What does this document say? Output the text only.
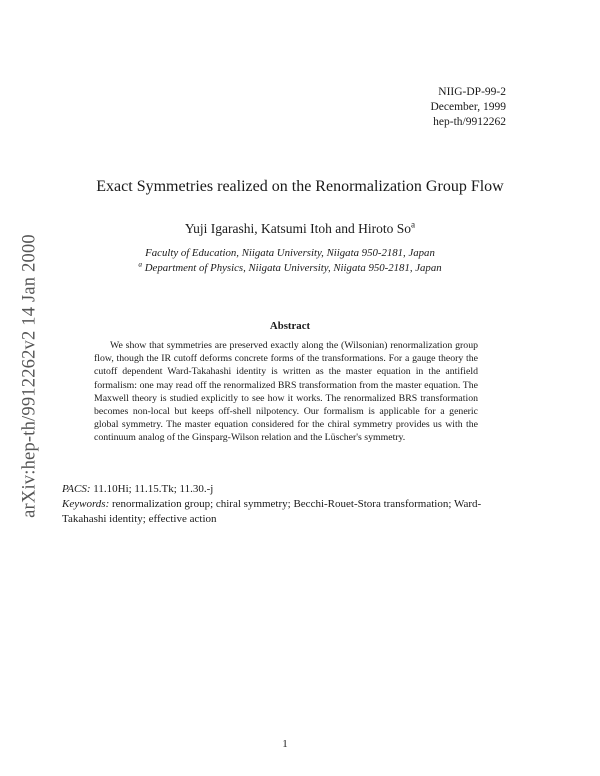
arXiv:hep-th/9912262v2 14 Jan 2000
NIIG-DP-99-2
December, 1999
hep-th/9912262
Exact Symmetries realized on the Renormalization Group Flow
Yuji Igarashi, Katsumi Itoh and Hiroto So$^a$
Faculty of Education, Niigata University, Niigata 950-2181, Japan
$^a$ Department of Physics, Niigata University, Niigata 950-2181, Japan
Abstract

We show that symmetries are preserved exactly along the (Wilsonian) renormalization group flow, though the IR cutoff deforms concrete forms of the transformations. For a gauge theory the cutoff dependent Ward-Takahashi identity is written as the master equation in the antifield formalism: one may read off the renormalized BRS transformation from the master equation. The Maxwell theory is studied explicitly to see how it works. The renormalized BRS transformation becomes non-local but keeps off-shell nilpotency. Our formalism is applicable for a generic global symmetry. The master equation considered for the chiral symmetry provides us with the continuum analog of the Ginsparg-Wilson relation and the Lüscher's symmetry.

PACS: 11.10Hi; 11.15.Tk; 11.30.-j

Keywords: renormalization group; chiral symmetry; Becchi-Rouet-Stora transformation; Ward-Takahashi identity; effective action

1
